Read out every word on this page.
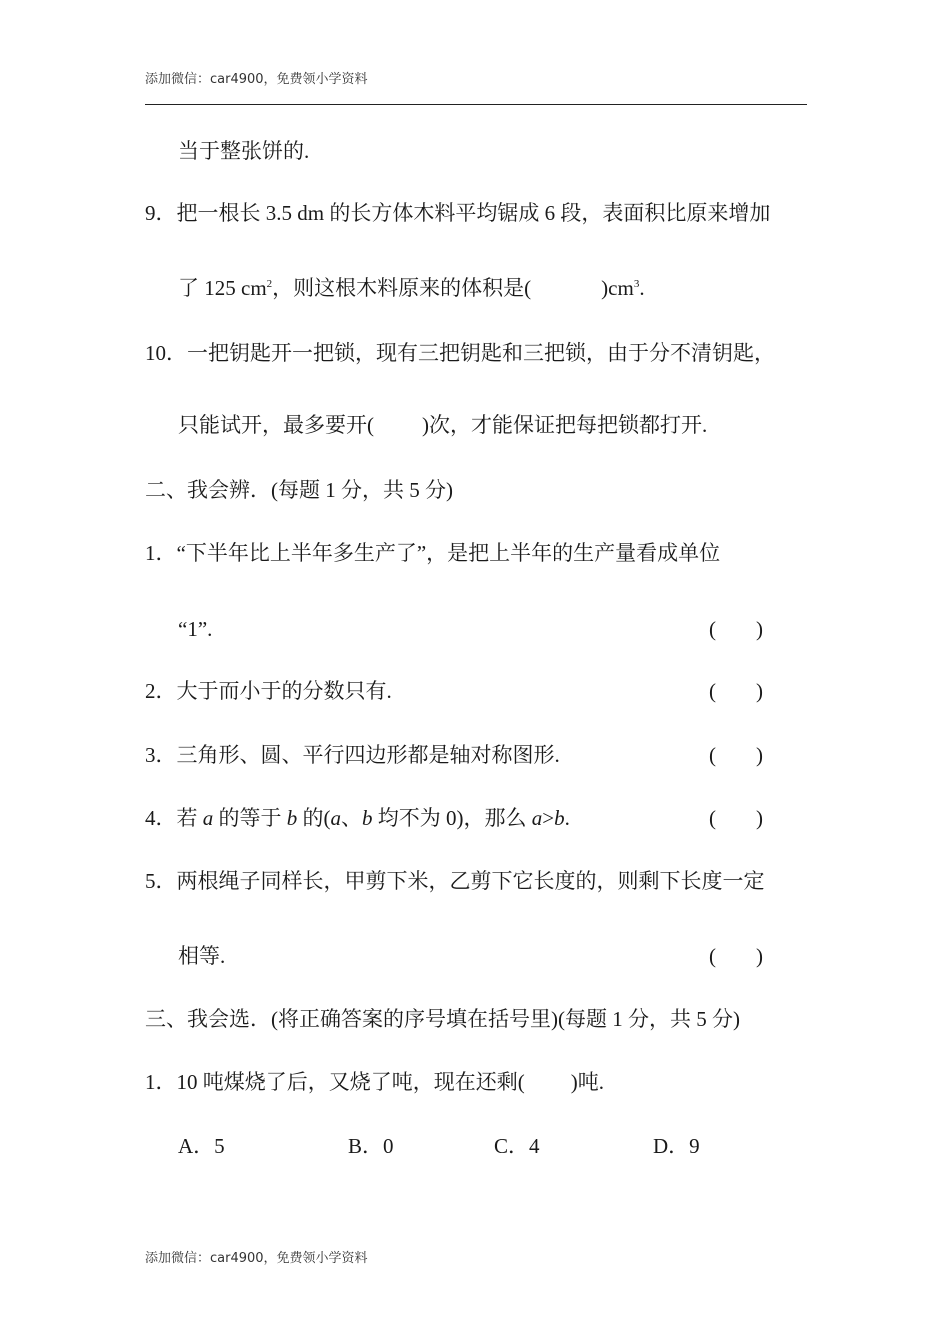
添加微信：car4900，免费领小学资料
当于整张饼的.
9．把一根长 3.5 dm 的长方体木料平均锯成 6 段，表面积比原来增加
了 125 $cm^2$，则这根木料原来的体积是(	)$cm^3$.
10．一把钥匙开一把锁，现有三把钥匙和三把锁，由于分不清钥匙，
只能试开，最多要开( )次，才能保证把每把锁都打开.
二、我会辨．(每题 1 分，共 5 分)
1．“下半年比上半年多生产了”，是把上半年的生产量看成单位
“1”.	( )
2．大于而小于的分数只有.	( )
3．三角形、圆、平行四边形都是轴对称图形.	( )
4．若 a 的等于 b 的(a、b 均不为 0)，那么 a>b.	( )
5．两根绳子同样长，甲剪下米，乙剪下它长度的，则剩下长度一定
相等.	( )
三、我会选．(将正确答案的序号填在括号里)(每题 1 分，共 5 分)
1．10 吨煤烧了后，又烧了吨，现在还剩( )吨.
A．5	B．0	C．4	D．9
添加微信：car4900，免费领小学资料
